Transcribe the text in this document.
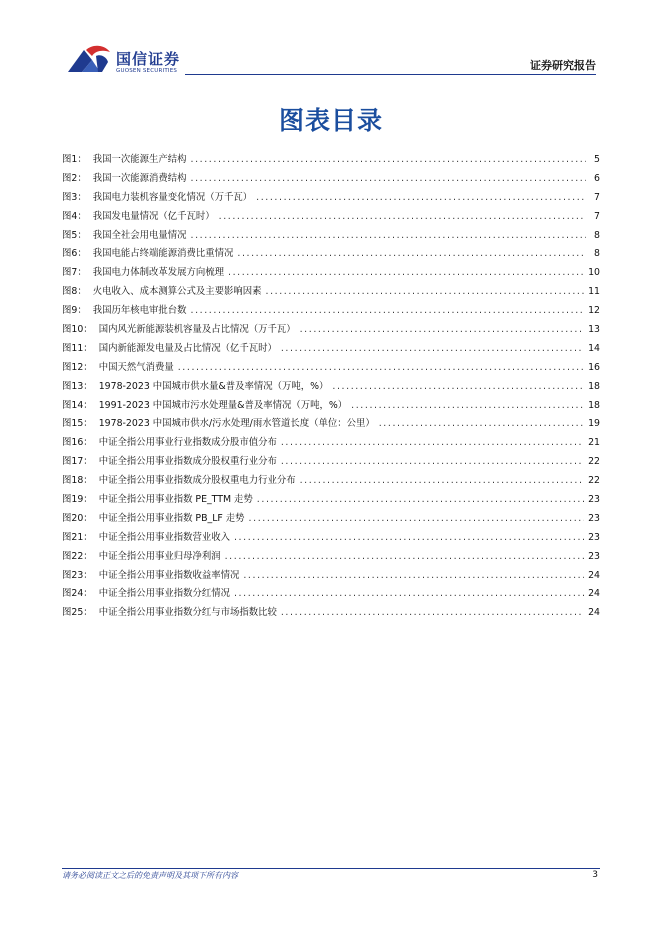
国信证券
GUOSEN SECURITIES	证券研究报告
图表目录
图1： 我国一次能源生产结构 .....	5
图2： 我国一次能源消费结构 .....	6
图3： 我国电力装机容量变化情况（万千瓦） .....	7
图4： 我国发电量情况（亿千瓦时） .....	7
图5： 我国全社会用电量情况 .....	8
图6： 我国电能占终端能源消费比重情况 .....	8
图7： 我国电力体制改革发展方向梳理 .....	10
图8： 火电收入、成本测算公式及主要影响因素 .....	11
图9： 我国历年核电审批台数 .....	12
图10： 国内风光新能源装机容量及占比情况（万千瓦） .....	13
图11： 国内新能源发电量及占比情况（亿千瓦时） .....	14
图12： 中国天然气消费量 .....	16
图13： 1978-2023 中国城市供水量&普及率情况（万吨，%） .....	18
图14： 1991-2023 中国城市污水处理量&普及率情况（万吨，%） .....	18
图15： 1978-2023 中国城市供水/污水处理/雨水管道长度（单位：公里） .....	19
图16： 中证全指公用事业行业指数成分股市值分布 .....	21
图17： 中证全指公用事业指数成分股权重行业分布 .....	22
图18： 中证全指公用事业指数成分股权重电力行业分布 .....	22
图19： 中证全指公用事业指数 PE_TTM 走势 .....	23
图20： 中证全指公用事业指数 PB_LF 走势 .....	23
图21： 中证全指公用事业指数营业收入 .....	23
图22： 中证全指公用事业归母净利润 .....	23
图23： 中证全指公用事业指数收益率情况 .....	24
图24： 中证全指公用事业指数分红情况 .....	24
图25： 中证全指公用事业指数分红与市场指数比较 .....	24
请务必阅读正文之后的免责声明及其项下所有内容	3
